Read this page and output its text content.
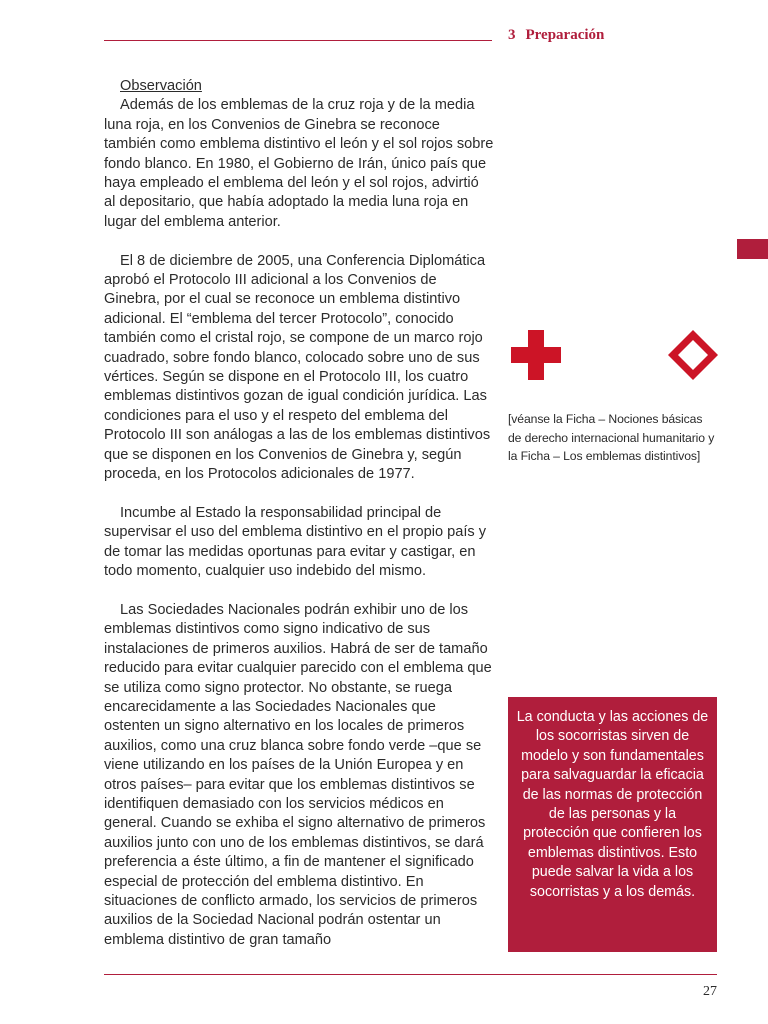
3 Preparación

Observación

Además de los emblemas de la cruz roja y de la media luna roja, en los Convenios de Ginebra se reconoce también como emblema distintivo el león y el sol rojos sobre fondo blanco. En 1980, el Gobierno de Irán, único país que haya empleado el emblema del león y el sol rojos, advirtió al depositario, que había adoptado la media luna roja en lugar del emblema anterior.

El 8 de diciembre de 2005, una Conferencia Diplomática aprobó el Protocolo III adicional a los Convenios de Ginebra, por el cual se reconoce un emblema distintivo adicional. El “emblema del tercer Protocolo”, conocido también como el cristal rojo, se compone de un marco rojo cuadrado, sobre fondo blanco, colocado sobre uno de sus vértices. Según se dispone en el Protocolo III, los cuatro emblemas distintivos gozan de igual condición jurídica. Las condiciones para el uso y el respeto del emblema del Protocolo III son análogas a las de los emblemas distintivos que se disponen en los Convenios de Ginebra y, según proceda, en los Protocolos adicionales de 1977.

Incumbe al Estado la responsabilidad principal de supervisar el uso del emblema distintivo en el propio país y de tomar las medidas oportunas para evitar y castigar, en todo momento, cualquier uso indebido del mismo.

Las Sociedades Nacionales podrán exhibir uno de los emblemas distintivos como signo indicativo de sus instalaciones de primeros auxilios. Habrá de ser de tamaño reducido para evitar cualquier parecido con el emblema que se utiliza como signo protector. No obstante, se ruega encarecidamente a las Sociedades Nacionales que ostenten un signo alternativo en los locales de primeros auxilios, como una cruz blanca sobre fondo verde –que se viene utilizando en los países de la Unión Europea y en otros países– para evitar que los emblemas distintivos se identifiquen demasiado con los servicios médicos en general. Cuando se exhiba el signo alternativo de primeros auxilios junto con uno de los emblemas distintivos, se dará preferencia a éste último, a fin de mantener el significado especial de protección del emblema distintivo. En situaciones de conflicto armado, los servicios de primeros auxilios de la Sociedad Nacional podrán ostentar un emblema distintivo de gran tamaño

[véanse la Ficha – Nociones básicas de derecho internacional humanitario y la Ficha – Los emblemas distintivos]
La conducta y las acciones de los socorristas sirven de modelo y son fundamentales para salvaguardar la eficacia de las normas de protección de las personas y la protección que confieren los emblemas distintivos. Esto puede salvar la vida a los socorristas y a los demás.
27
